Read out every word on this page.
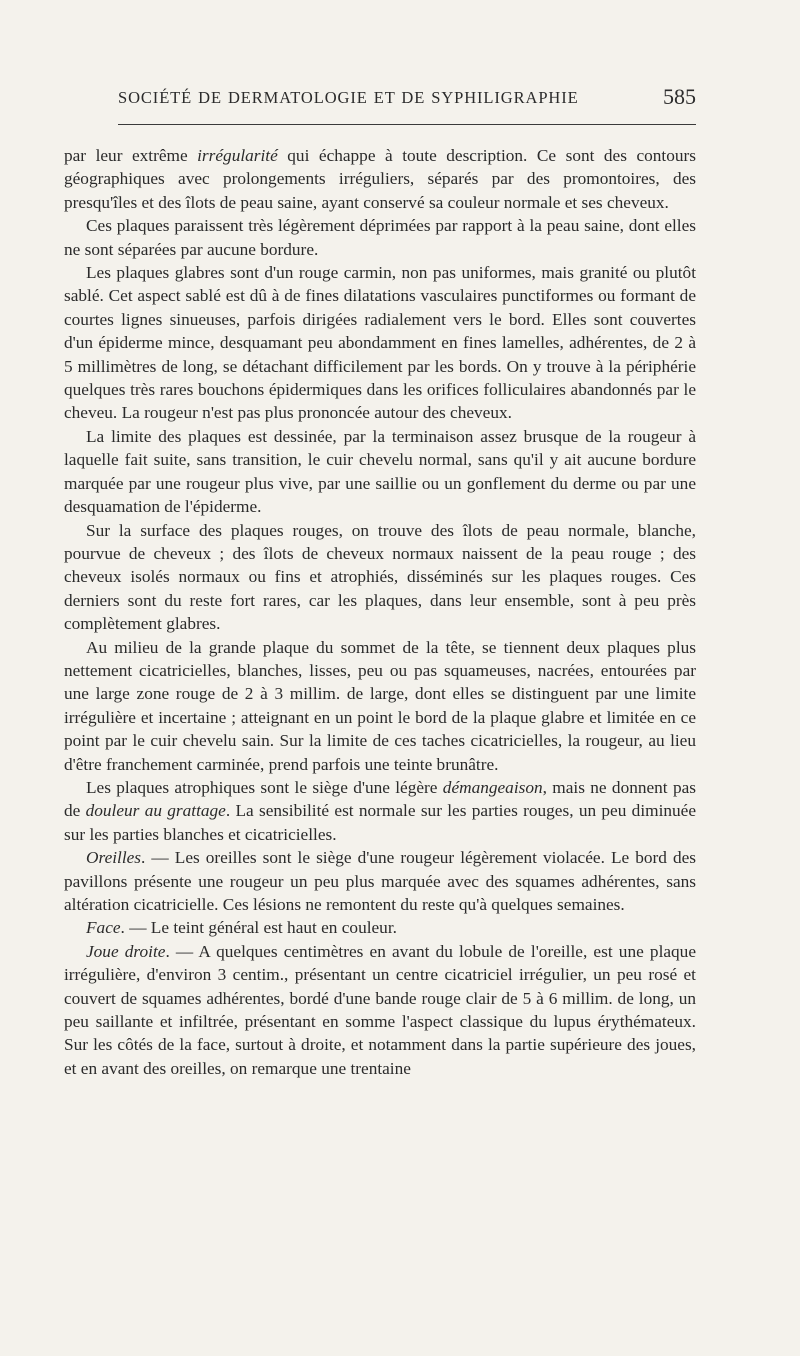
SOCIÉTÉ DE DERMATOLOGIE ET DE SYPHILIGRAPHIE	585

par leur extrême irrégularité qui échappe à toute description. Ce sont des contours géographiques avec prolongements irréguliers, séparés par des promontoires, des presqu'îles et des îlots de peau saine, ayant conservé sa couleur normale et ses cheveux.

Ces plaques paraissent très légèrement déprimées par rapport à la peau saine, dont elles ne sont séparées par aucune bordure.

Les plaques glabres sont d'un rouge carmin, non pas uniformes, mais granité ou plutôt sablé. Cet aspect sablé est dû à de fines dilatations vasculaires punctiformes ou formant de courtes lignes sinueuses, parfois dirigées radialement vers le bord. Elles sont couvertes d'un épiderme mince, desquamant peu abondamment en fines lamelles, adhérentes, de 2 à 5 millimètres de long, se détachant difficilement par les bords. On y trouve à la périphérie quelques très rares bouchons épidermiques dans les orifices folliculaires abandonnés par le cheveu. La rougeur n'est pas plus prononcée autour des cheveux.

La limite des plaques est dessinée, par la terminaison assez brusque de la rougeur à laquelle fait suite, sans transition, le cuir chevelu normal, sans qu'il y ait aucune bordure marquée par une rougeur plus vive, par une saillie ou un gonflement du derme ou par une desquamation de l'épiderme.

Sur la surface des plaques rouges, on trouve des îlots de peau normale, blanche, pourvue de cheveux ; des îlots de cheveux normaux naissent de la peau rouge ; des cheveux isolés normaux ou fins et atrophiés, disséminés sur les plaques rouges. Ces derniers sont du reste fort rares, car les plaques, dans leur ensemble, sont à peu près complètement glabres.

Au milieu de la grande plaque du sommet de la tête, se tiennent deux plaques plus nettement cicatricielles, blanches, lisses, peu ou pas squameuses, nacrées, entourées par une large zone rouge de 2 à 3 millim. de large, dont elles se distinguent par une limite irrégulière et incertaine ; atteignant en un point le bord de la plaque glabre et limitée en ce point par le cuir chevelu sain. Sur la limite de ces taches cicatricielles, la rougeur, au lieu d'être franchement carminée, prend parfois une teinte brunâtre.

Les plaques atrophiques sont le siège d'une légère démangeaison, mais ne donnent pas de douleur au grattage. La sensibilité est normale sur les parties rouges, un peu diminuée sur les parties blanches et cicatricielles.

Oreilles. — Les oreilles sont le siège d'une rougeur légèrement violacée. Le bord des pavillons présente une rougeur un peu plus marquée avec des squames adhérentes, sans altération cicatricielle. Ces lésions ne remontent du reste qu'à quelques semaines.

Face. — Le teint général est haut en couleur.

Joue droite. — A quelques centimètres en avant du lobule de l'oreille, est une plaque irrégulière, d'environ 3 centim., présentant un centre cicatriciel irrégulier, un peu rosé et couvert de squames adhérentes, bordé d'une bande rouge clair de 5 à 6 millim. de long, un peu saillante et infiltrée, présentant en somme l'aspect classique du lupus érythémateux. Sur les côtés de la face, surtout à droite, et notamment dans la partie supérieure des joues, et en avant des oreilles, on remarque une trentaine
